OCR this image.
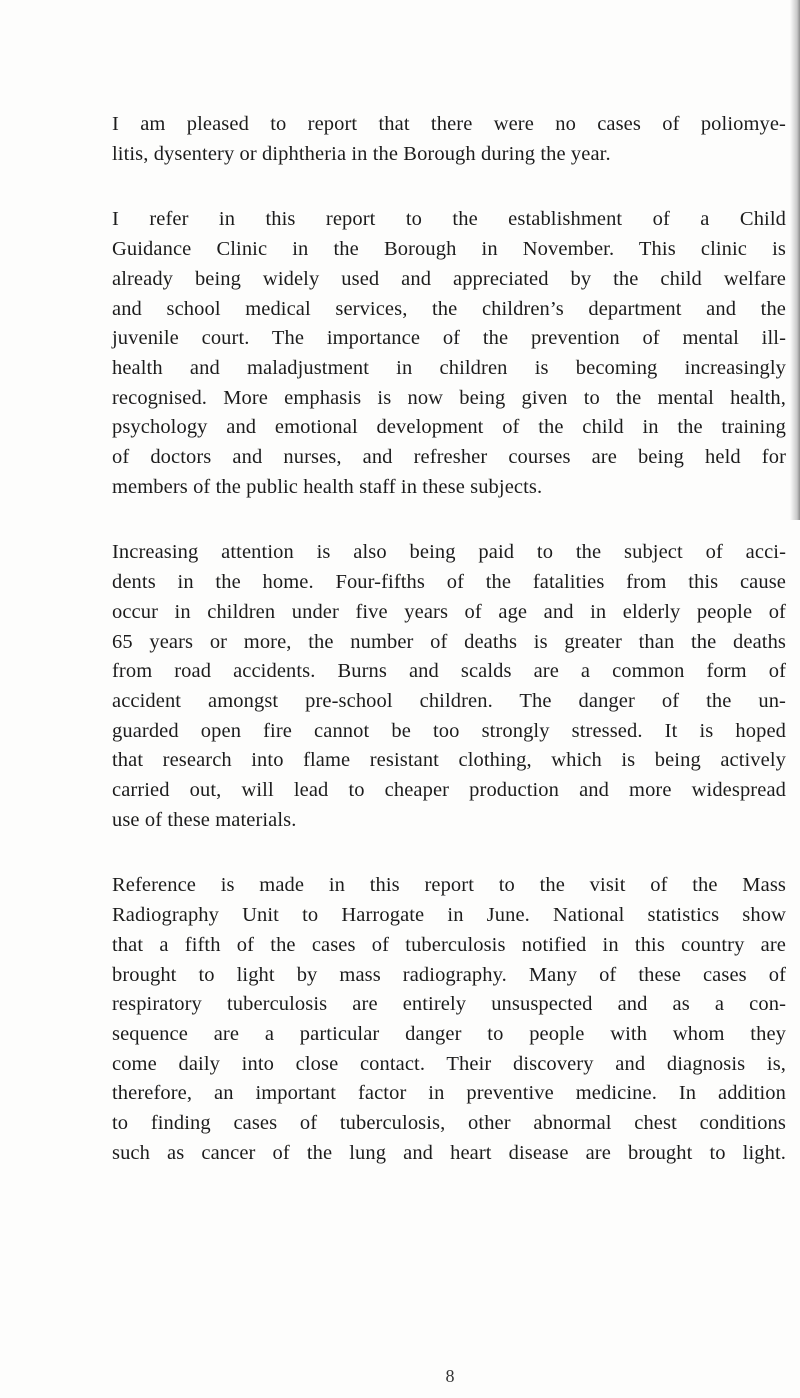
I am pleased to report that there were no cases of poliomye-
litis, dysentery or diphtheria in the Borough during the year.
I refer in this report to the establishment of a Child
Guidance Clinic in the Borough in November. This clinic is
already being widely used and appreciated by the child welfare
and school medical services, the children’s department and the
juvenile court. The importance of the prevention of mental ill-
health and maladjustment in children is becoming increasingly
recognised. More emphasis is now being given to the mental health,
psychology and emotional development of the child in the training
of doctors and nurses, and refresher courses are being held for
members of the public health staff in these subjects.
Increasing attention is also being paid to the subject of acci-
dents in the home. Four-fifths of the fatalities from this cause
occur in children under five years of age and in elderly people of
65 years or more, the number of deaths is greater than the deaths
from road accidents. Burns and scalds are a common form of
accident amongst pre-school children. The danger of the un-
guarded open fire cannot be too strongly stressed. It is hoped
that research into flame resistant clothing, which is being actively
carried out, will lead to cheaper production and more widespread
use of these materials.
Reference is made in this report to the visit of the Mass
Radiography Unit to Harrogate in June. National statistics show
that a fifth of the cases of tuberculosis notified in this country are
brought to light by mass radiography. Many of these cases of
respiratory tuberculosis are entirely unsuspected and as a con-
sequence are a particular danger to people with whom they
come daily into close contact. Their discovery and diagnosis is,
therefore, an important factor in preventive medicine. In addition
to finding cases of tuberculosis, other abnormal chest conditions
such as cancer of the lung and heart disease are brought to light.
8
